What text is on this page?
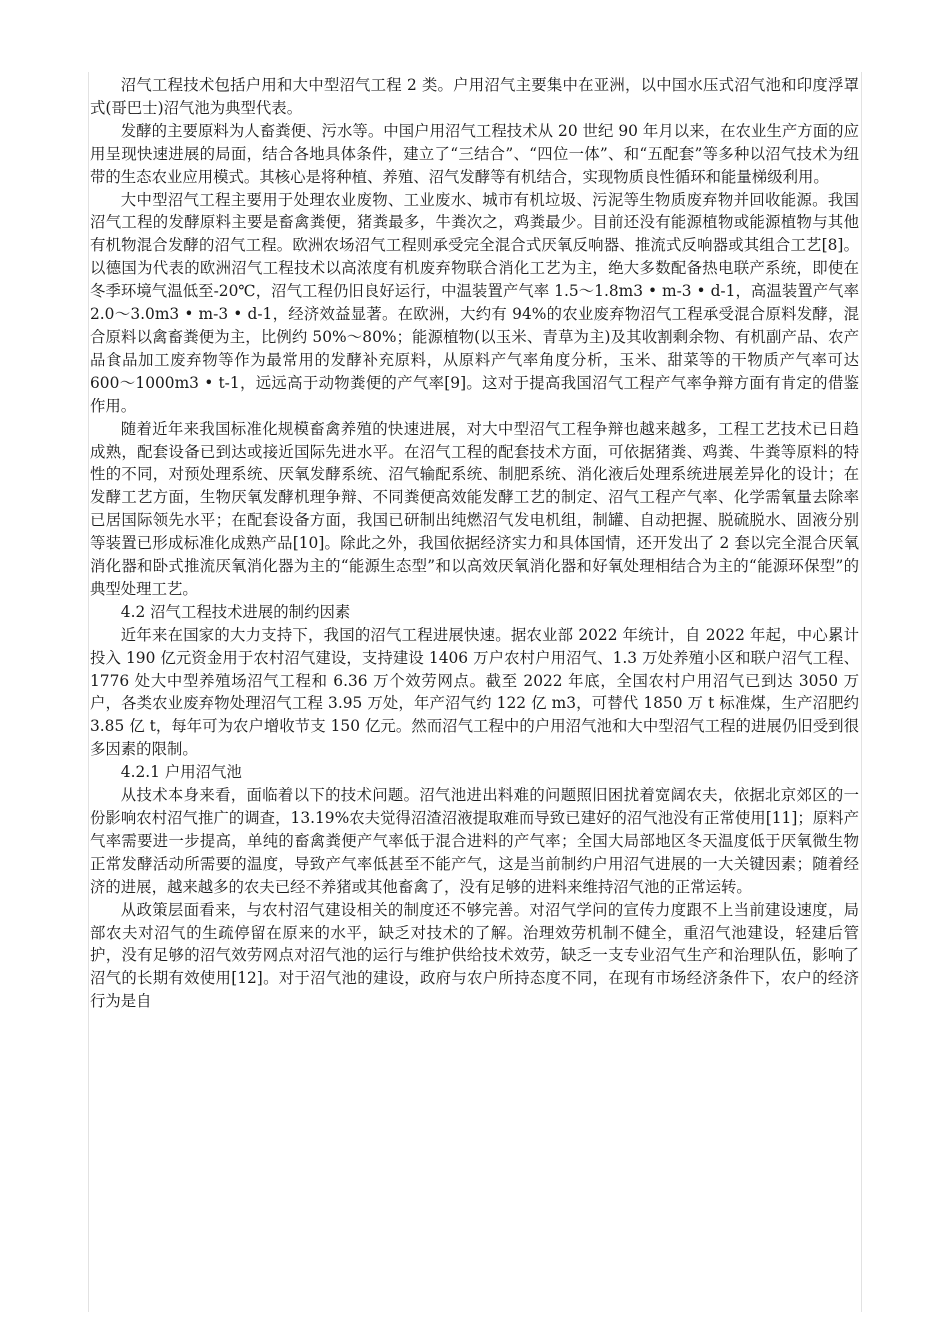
沼气工程技术包括户用和大中型沼气工程 2 类。户用沼气主要集中在亚洲，以中国水压式沼气池和印度浮罩式(哥巴士)沼气池为典型代表。

发酵的主要原料为人畜粪便、污水等。中国户用沼气工程技术从 20 世纪 90 年月以来，在农业生产方面的应用呈现快速进展的局面，结合各地具体条件，建立了“三结合”、“四位一体”、和“五配套”等多种以沼气技术为纽带的生态农业应用模式。其核心是将种植、养殖、沼气发酵等有机结合，实现物质良性循环和能量梯级利用。

大中型沼气工程主要用于处理农业废物、工业废水、城市有机垃圾、污泥等生物质废弃物并回收能源。我国沼气工程的发酵原料主要是畜禽粪便，猪粪最多，牛粪次之，鸡粪最少。目前还没有能源植物或能源植物与其他有机物混合发酵的沼气工程。欧洲农场沼气工程则承受完全混合式厌氧反响器、推流式反响器或其组合工艺[8]。以德国为代表的欧洲沼气工程技术以高浓度有机废弃物联合消化工艺为主，绝大多数配备热电联产系统，即使在冬季环境气温低至-20℃，沼气工程仍旧良好运行，中温装置产气率 1.5～1.8m3 • m-3 • d-1，高温装置产气率 2.0～3.0m3 • m-3 • d-1，经济效益显著。在欧洲，大约有 94%的农业废弃物沼气工程承受混合原料发酵，混合原料以禽畜粪便为主，比例约 50%～80%；能源植物(以玉米、青草为主)及其收割剩余物、有机副产品、农产品食品加工废弃物等作为最常用的发酵补充原料，从原料产气率角度分析，玉米、甜菜等的干物质产气率可达 600～1000m3 • t-1，远远高于动物粪便的产气率[9]。这对于提高我国沼气工程产气率争辩方面有肯定的借鉴作用。

随着近年来我国标准化规模畜禽养殖的快速进展，对大中型沼气工程争辩也越来越多，工程工艺技术已日趋成熟，配套设备已到达或接近国际先进水平。在沼气工程的配套技术方面，可依据猪粪、鸡粪、牛粪等原料的特性的不同，对预处理系统、厌氧发酵系统、沼气输配系统、制肥系统、消化液后处理系统进展差异化的设计；在发酵工艺方面，生物厌氧发酵机理争辩、不同粪便高效能发酵工艺的制定、沼气工程产气率、化学需氧量去除率已居国际领先水平；在配套设备方面，我国已研制出纯燃沼气发电机组，制罐、自动把握、脱硫脱水、固液分别等装置已形成标准化成熟产品[10]。除此之外，我国依据经济实力和具体国情，还开发出了 2 套以完全混合厌氧消化器和卧式推流厌氧消化器为主的“能源生态型”和以高效厌氧消化器和好氧处理相结合为主的“能源环保型”的典型处理工艺。

4.2 沼气工程技术进展的制约因素

近年来在国家的大力支持下，我国的沼气工程进展快速。据农业部 2022 年统计，自 2022 年起，中心累计投入 190 亿元资金用于农村沼气建设，支持建设 1406 万户农村户用沼气、1.3 万处养殖小区和联户沼气工程、1776 处大中型养殖场沼气工程和 6.36 万个效劳网点。截至 2022 年底，全国农村户用沼气已到达 3050 万户，各类农业废弃物处理沼气工程 3.95 万处，年产沼气约 122 亿 m3，可替代 1850 万 t 标准煤，生产沼肥约 3.85 亿 t，每年可为农户增收节支 150 亿元。然而沼气工程中的户用沼气池和大中型沼气工程的进展仍旧受到很多因素的限制。

4.2.1 户用沼气池

从技术本身来看，面临着以下的技术问题。沼气池进出料难的问题照旧困扰着宽阔农夫，依据北京郊区的一份影响农村沼气推广的调查，13.19%农夫觉得沼渣沼液提取难而导致已建好的沼气池没有正常使用[11]；原料产气率需要进一步提高，单纯的畜禽粪便产气率低于混合进料的产气率；全国大局部地区冬天温度低于厌氧微生物正常发酵活动所需要的温度，导致产气率低甚至不能产气，这是当前制约户用沼气进展的一大关键因素；随着经济的进展，越来越多的农夫已经不养猪或其他畜禽了，没有足够的进料来维持沼气池的正常运转。

从政策层面看来，与农村沼气建设相关的制度还不够完善。对沼气学问的宣传力度跟不上当前建设速度，局部农夫对沼气的生疏停留在原来的水平，缺乏对技术的了解。治理效劳机制不健全，重沼气池建设，轻建后管护，没有足够的沼气效劳网点对沼气池的运行与维护供给技术效劳，缺乏一支专业沼气生产和治理队伍，影响了沼气的长期有效使用[12]。对于沼气池的建设，政府与农户所持态度不同，在现有市场经济条件下，农户的经济行为是自
